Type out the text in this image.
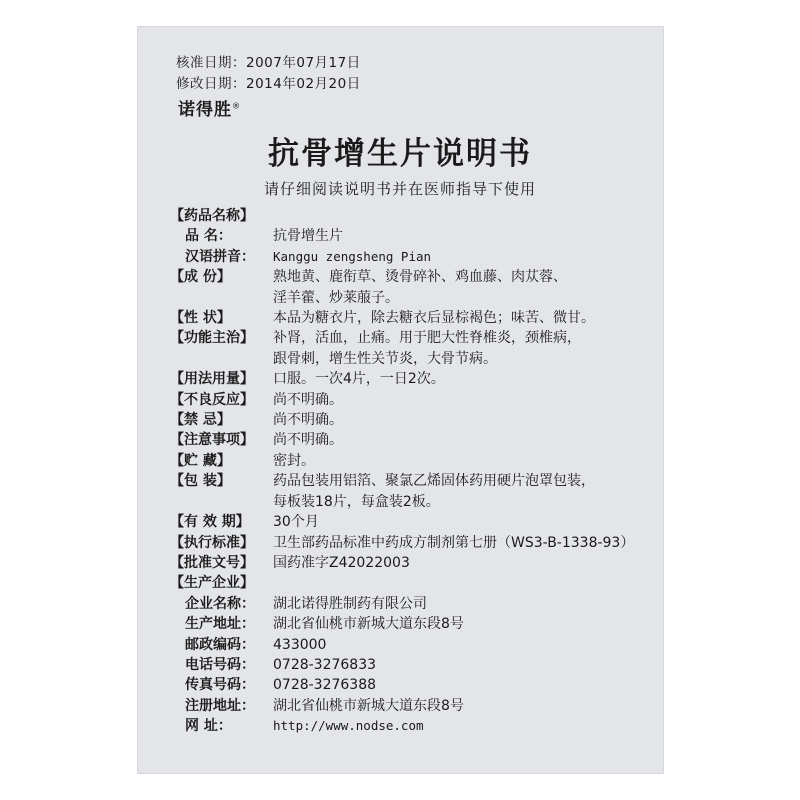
核准日期：2007年07月17日
修改日期：2014年02月20日
诺得胜®
抗骨增生片说明书
请仔细阅读说明书并在医师指导下使用
【药品名称】
品 名：	抗骨增生片
汉语拼音：	Kanggu zengsheng Pian
【成 份】	熟地黄、鹿衔草、烫骨碎补、鸡血藤、肉苁蓉、
淫羊藿、炒莱菔子。
【性 状】	本品为糖衣片，除去糖衣后显棕褐色；味苦、微甘。
【功能主治】	补肾，活血，止痛。用于肥大性脊椎炎，颈椎病，
跟骨刺，增生性关节炎，大骨节病。
【用法用量】	口服。一次4片，一日2次。
【不良反应】	尚不明确。
【禁 忌】	尚不明确。
【注意事项】	尚不明确。
【贮 藏】	密封。
【包 装】	药品包装用铝箔、聚氯乙烯固体药用硬片泡罩包装，
每板装18片，每盒装2板。
【有 效 期】	30个月
【执行标准】	卫生部药品标准中药成方制剂第七册（WS3-B-1338-93）
【批准文号】	国药准字Z42022003
【生产企业】
企业名称：	湖北诺得胜制药有限公司
生产地址：	湖北省仙桃市新城大道东段8号
邮政编码：	433000
电话号码：	0728-3276833
传真号码：	0728-3276388
注册地址：	湖北省仙桃市新城大道东段8号
网 址：	http://www.nodse.com
